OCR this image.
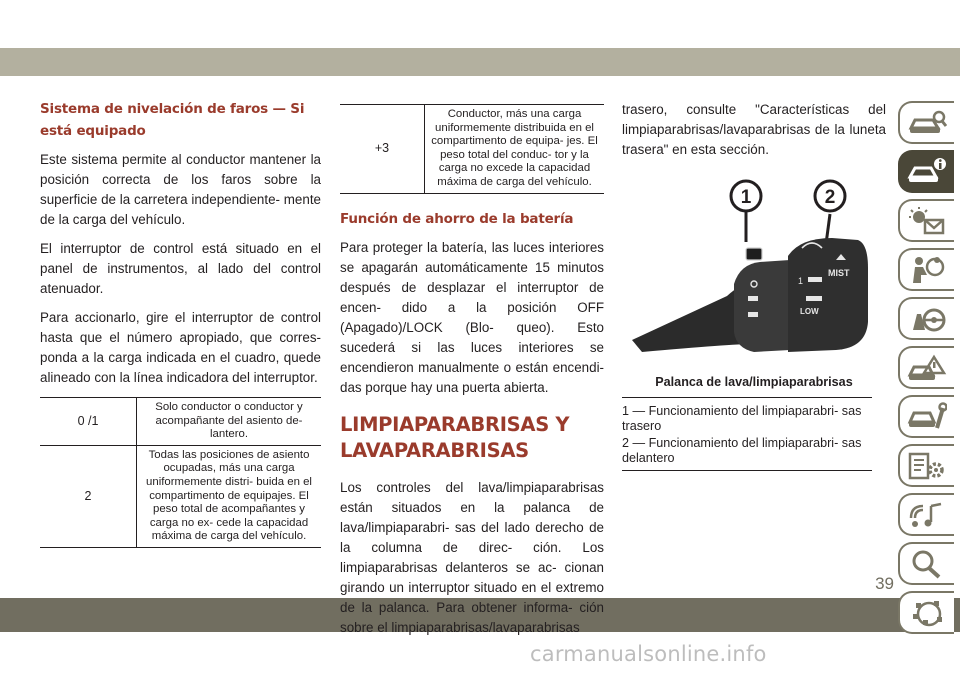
39
carmanualsonline.info
Sistema de nivelación de faros — Si está equipado

Este sistema permite al conductor mantener la posición correcta de los faros sobre la superficie de la carretera independiente- mente de la carga del vehículo.

El interruptor de control está situado en el panel de instrumentos, al lado del control atenuador.

Para accionarlo, gire el interruptor de control hasta que el número apropiado, que corres- ponda a la carga indicada en el cuadro, quede alineado con la línea indicadora del interruptor.

0 /1	Solo conductor o conductor y acompañante del asiento de- lantero.
2	Todas las posiciones de asiento ocupadas, más una carga uniformemente distri- buida en el compartimento de equipajes. El peso total de acompañantes y carga no ex- cede la capacidad máxima de carga del vehículo.
+3	Conductor, más una carga uniformemente distribuida en el compartimento de equipa- jes. El peso total del conduc- tor y la carga no excede la capacidad máxima de carga del vehículo.
Función de ahorro de la batería

Para proteger la batería, las luces interiores se apagarán automáticamente 15 minutos después de desplazar el interruptor de encen- dido a la posición OFF (Apagado)/LOCK (Blo- queo). Esto sucederá si las luces interiores se encendieron manualmente o están encendi- das porque hay una puerta abierta.

LIMPIAPARABRISAS Y LAVAPARABRISAS

Los controles del lava/limpiaparabrisas están situados en la palanca de lava/limpiaparabri- sas del lado derecho de la columna de direc- ción. Los limpiaparabrisas delanteros se ac- cionan girando un interruptor situado en el extremo de la palanca. Para obtener informa- ción sobre el limpiaparabrisas/lavaparabrisas

trasero, consulte "Características del limpiaparabrisas/lavaparabrisas de la luneta trasera" en esta sección.

1	2
1
LOW
MIST
Palanca de lava/limpiaparabrisas
1 — Funcionamiento del limpiaparabri- sas trasero
2 — Funcionamiento del limpiaparabri- sas delantero
